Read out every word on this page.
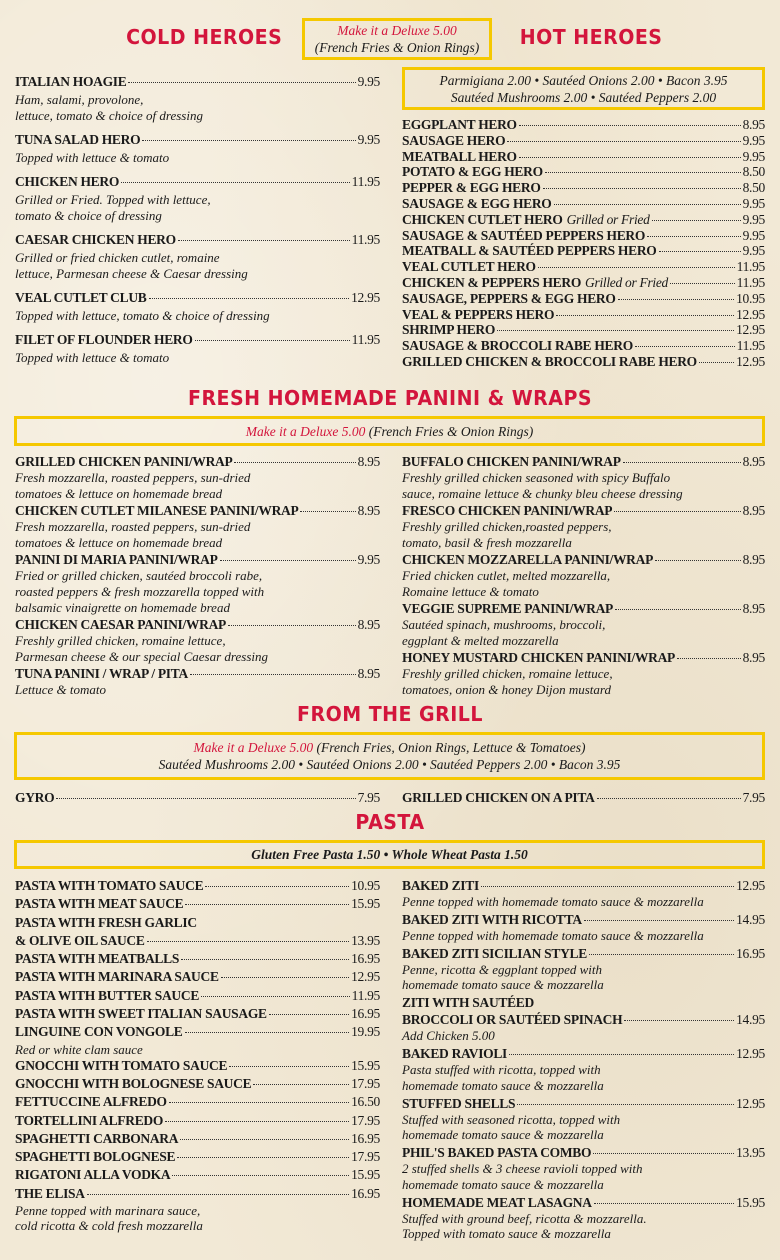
COLD HEROES	Make it a Deluxe 5.00
(French Fries & Onion Rings)	HOT HEROES
ITALIAN HOAGIE	9.95
Ham, salami, provolone,
lettuce, tomato & choice of dressing
TUNA SALAD HERO	9.95
Topped with lettuce & tomato
CHICKEN HERO	11.95
Grilled or Fried. Topped with lettuce,
tomato & choice of dressing
CAESAR CHICKEN HERO	11.95
Grilled or fried chicken cutlet, romaine
lettuce, Parmesan cheese & Caesar dressing
VEAL CUTLET CLUB	12.95
Topped with lettuce, tomato & choice of dressing
FILET OF FLOUNDER HERO	11.95
Topped with lettuce & tomato
Parmigiana 2.00 • Sautéed Onions 2.00 • Bacon 3.95
Sautéed Mushrooms 2.00 • Sautéed Peppers 2.00
EGGPLANT HERO	8.95
SAUSAGE HERO	9.95
MEATBALL HERO	9.95
POTATO & EGG HERO	8.50
PEPPER & EGG HERO	8.50
SAUSAGE & EGG HERO	9.95
CHICKEN CUTLET HERO Grilled or Fried	9.95
SAUSAGE & SAUTÉED PEPPERS HERO	9.95
MEATBALL & SAUTÉED PEPPERS HERO	9.95
VEAL CUTLET HERO	11.95
CHICKEN & PEPPERS HERO Grilled or Fried	11.95
SAUSAGE, PEPPERS & EGG HERO	10.95
VEAL & PEPPERS HERO	12.95
SHRIMP HERO	12.95
SAUSAGE & BROCCOLI RABE HERO	11.95
GRILLED CHICKEN & BROCCOLI RABE HERO	12.95
FRESH HOMEMADE PANINI & WRAPS
Make it a Deluxe 5.00 (French Fries & Onion Rings)
GRILLED CHICKEN PANINI/WRAP	8.95
Fresh mozzarella, roasted peppers, sun-dried
tomatoes & lettuce on homemade bread
CHICKEN CUTLET MILANESE PANINI/WRAP	8.95
Fresh mozzarella, roasted peppers, sun-dried
tomatoes & lettuce on homemade bread
PANINI DI MARIA PANINI/WRAP	9.95
Fried or grilled chicken, sautéed broccoli rabe,
roasted peppers & fresh mozzarella topped with
balsamic vinaigrette on homemade bread
CHICKEN CAESAR PANINI/WRAP	8.95
Freshly grilled chicken, romaine lettuce,
Parmesan cheese & our special Caesar dressing
TUNA PANINI / WRAP / PITA	8.95
Lettuce & tomato
BUFFALO CHICKEN PANINI/WRAP	8.95
Freshly grilled chicken seasoned with spicy Buffalo
sauce, romaine lettuce & chunky bleu cheese dressing
FRESCO CHICKEN PANINI/WRAP	8.95
Freshly grilled chicken,roasted peppers,
tomato, basil & fresh mozzarella
CHICKEN MOZZARELLA PANINI/WRAP	8.95
Fried chicken cutlet, melted mozzarella,
Romaine lettuce & tomato
VEGGIE SUPREME PANINI/WRAP	8.95
Sautéed spinach, mushrooms, broccoli,
eggplant & melted mozzarella
HONEY MUSTARD CHICKEN PANINI/WRAP	8.95
Freshly grilled chicken, romaine lettuce,
tomatoes, onion & honey Dijon mustard
FROM THE GRILL
Make it a Deluxe 5.00 (French Fries, Onion Rings, Lettuce & Tomatoes)
Sautéed Mushrooms 2.00 • Sautéed Onions 2.00 • Sautéed Peppers 2.00 • Bacon 3.95
GYRO	7.95 GRILLED CHICKEN ON A PITA	7.95
PASTA
Gluten Free Pasta 1.50 • Whole Wheat Pasta 1.50
PASTA WITH TOMATO SAUCE	10.95
PASTA WITH MEAT SAUCE	15.95
PASTA WITH FRESH GARLIC
& OLIVE OIL SAUCE	13.95
PASTA WITH MEATBALLS	16.95
PASTA WITH MARINARA SAUCE	12.95
PASTA WITH BUTTER SAUCE	11.95
PASTA WITH SWEET ITALIAN SAUSAGE	16.95
LINGUINE CON VONGOLE	19.95
Red or white clam sauce
GNOCCHI WITH TOMATO SAUCE	15.95
GNOCCHI WITH BOLOGNESE SAUCE	17.95
FETTUCCINE ALFREDO	16.50
TORTELLINI ALFREDO	17.95
SPAGHETTI CARBONARA	16.95
SPAGHETTI BOLOGNESE	17.95
RIGATONI ALLA VODKA	15.95
THE ELISA	16.95
Penne topped with marinara sauce,
cold ricotta & cold fresh mozzarella
BAKED ZITI	12.95
Penne topped with homemade tomato sauce & mozzarella
BAKED ZITI WITH RICOTTA	14.95
Penne topped with homemade tomato sauce & mozzarella
BAKED ZITI SICILIAN STYLE	16.95
Penne, ricotta & eggplant topped with
homemade tomato sauce & mozzarella
ZITI WITH SAUTÉED
BROCCOLI OR SAUTÉED SPINACH	14.95
Add Chicken 5.00
BAKED RAVIOLI	12.95
Pasta stuffed with ricotta, topped with
homemade tomato sauce & mozzarella
STUFFED SHELLS	12.95
Stuffed with seasoned ricotta, topped with
homemade tomato sauce & mozzarella
PHIL'S BAKED PASTA COMBO	13.95
2 stuffed shells & 3 cheese ravioli topped with
homemade tomato sauce & mozzarella
HOMEMADE MEAT LASAGNA	15.95
Stuffed with ground beef, ricotta & mozzarella.
Topped with tomato sauce & mozzarella
